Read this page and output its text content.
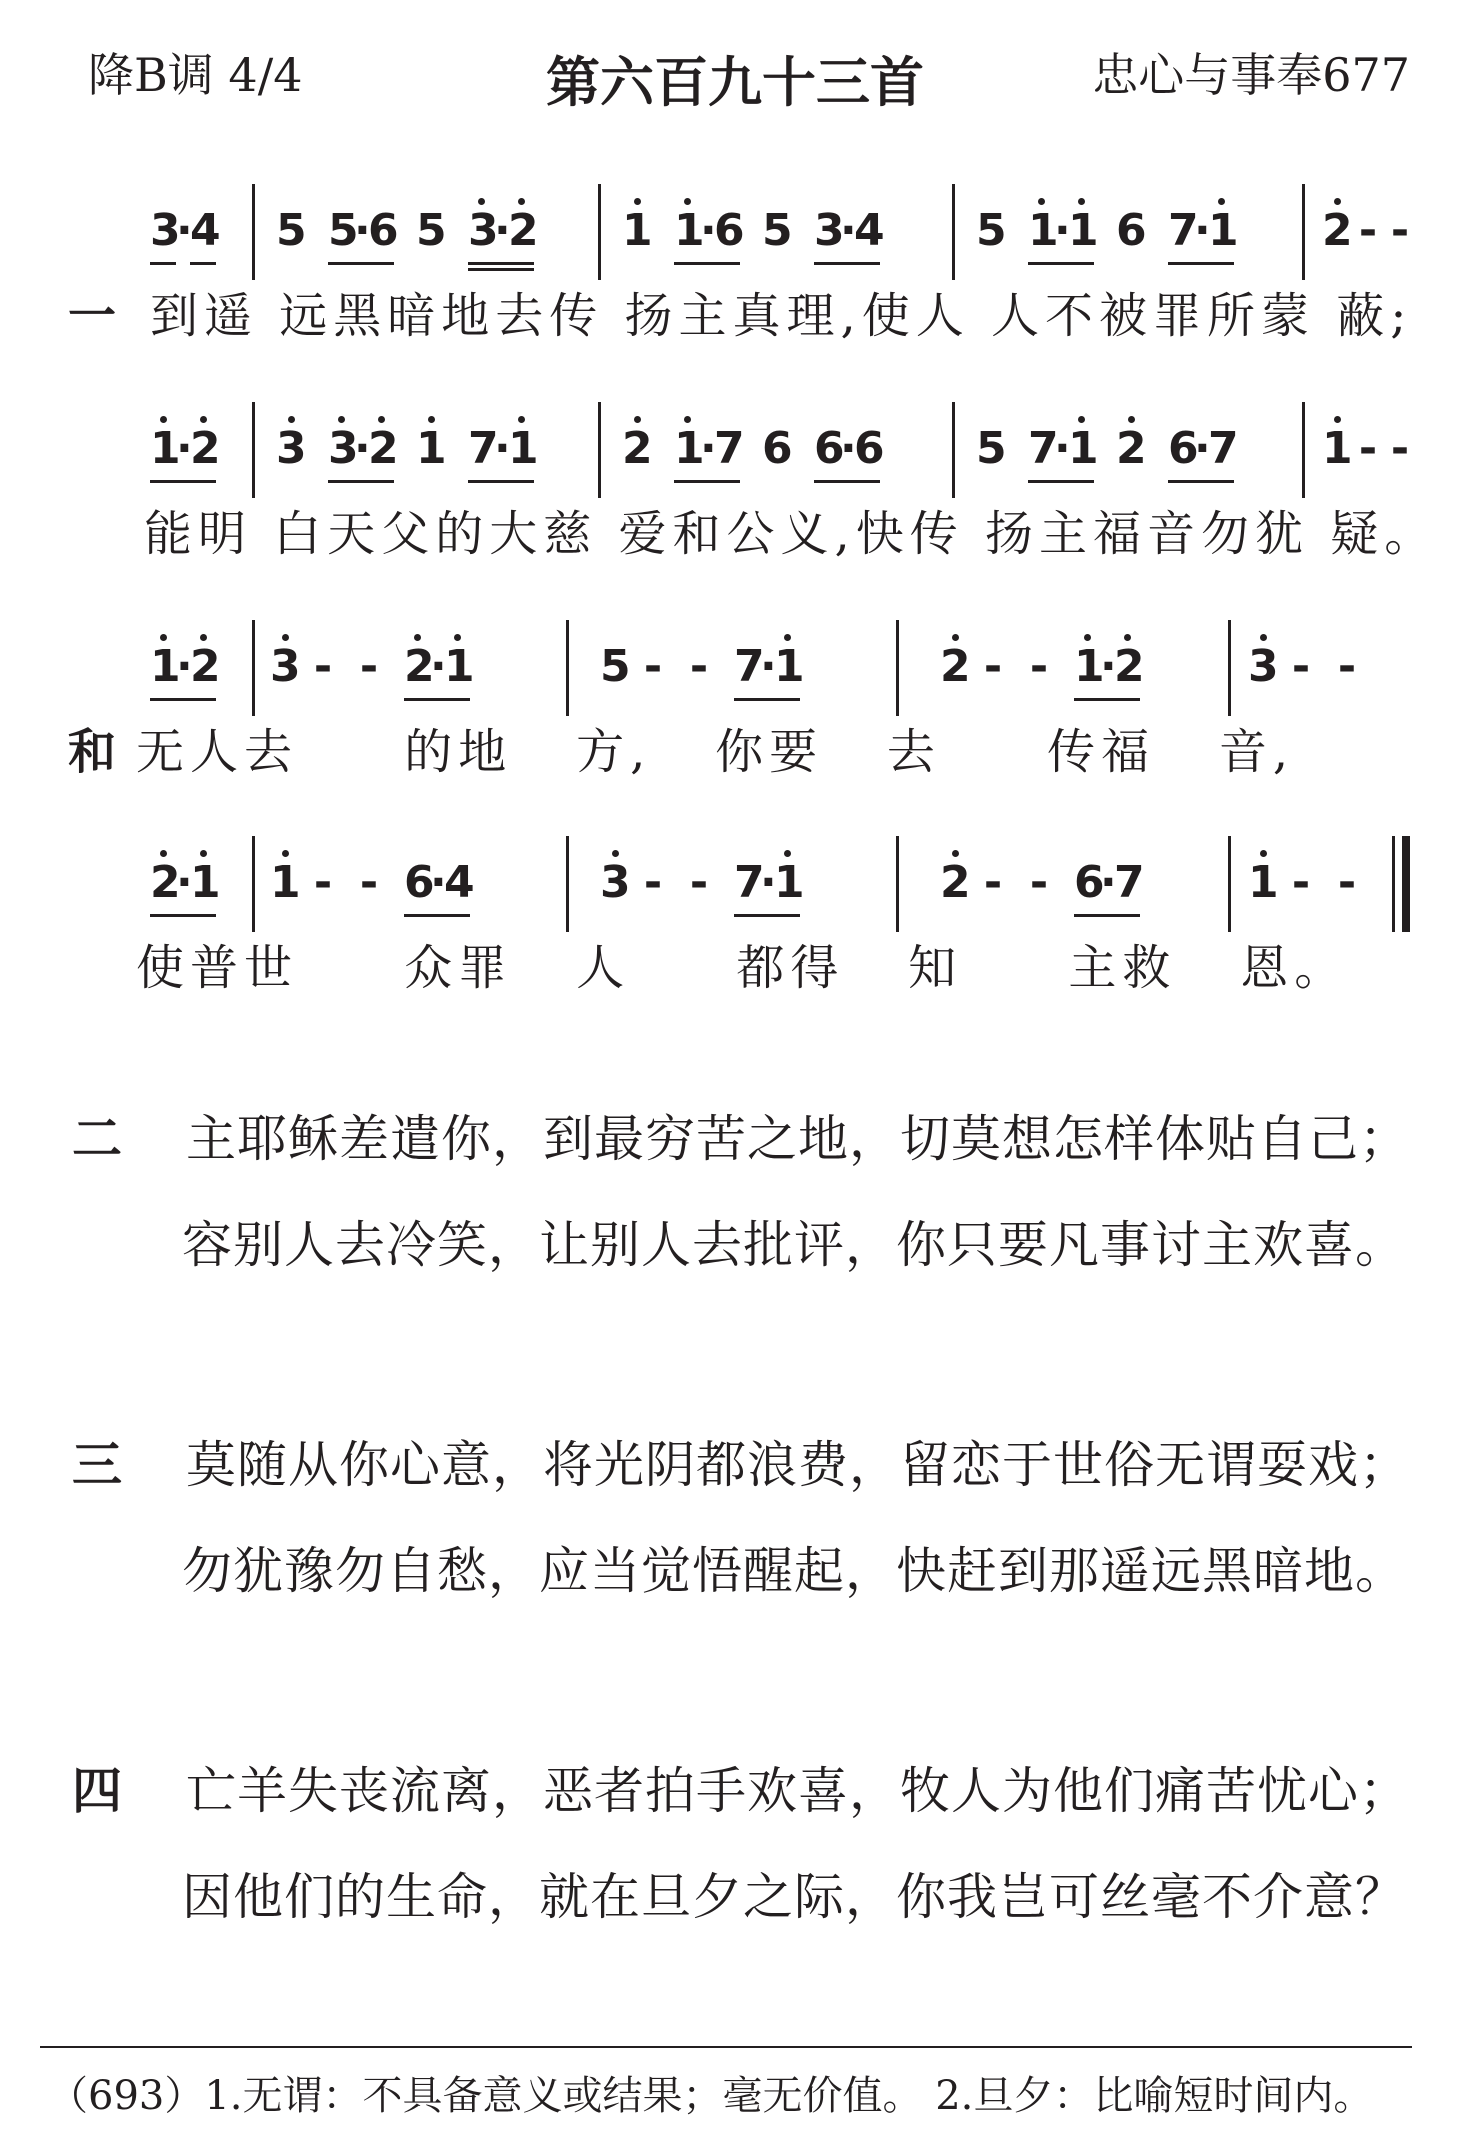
降B调 4/4	第六百九十三首	忠心与事奉677
一
3·4 5 5·6 5 3·2 1 1·6 5 3·4 5 1·1 6 7·1 2 - -
到遥 远黑暗地去传 扬主真理,使人 人不被罪所蒙 蔽;
1·2 3 3·2 1 7·1 2 1·7 6 6·6 5 7·1 2 6·7 1 - -
能明 白天父的大慈 爱和公义,快传 扬主福音勿犹 疑。
和
1·2 3 - - 2·1	5 - - 7·1	2 - - 1·2 3 - -
无人去     的地   方,   你要   去     传福   音,
2·1 1 - - 6·4	3 - - 7·1	2 - - 6·7 1 - -
使普世     众罪   人     都得   知     主救   恩。
二 主耶稣差遣你，到最穷苦之地，切莫想怎样体贴自己；
容别人去冷笑，让别人去批评，你只要凡事讨主欢喜。
三 莫随从你心意，将光阴都浪费，留恋于世俗无谓耍戏；
勿犹豫勿自愁，应当觉悟醒起，快赶到那遥远黑暗地。
四 亡羊失丧流离，恶者拍手欢喜，牧人为他们痛苦忧心；
因他们的生命，就在旦夕之际，你我岂可丝毫不介意？
（693）1.无谓：不具备意义或结果；毫无价值。 2.旦夕：比喻短时间内。
